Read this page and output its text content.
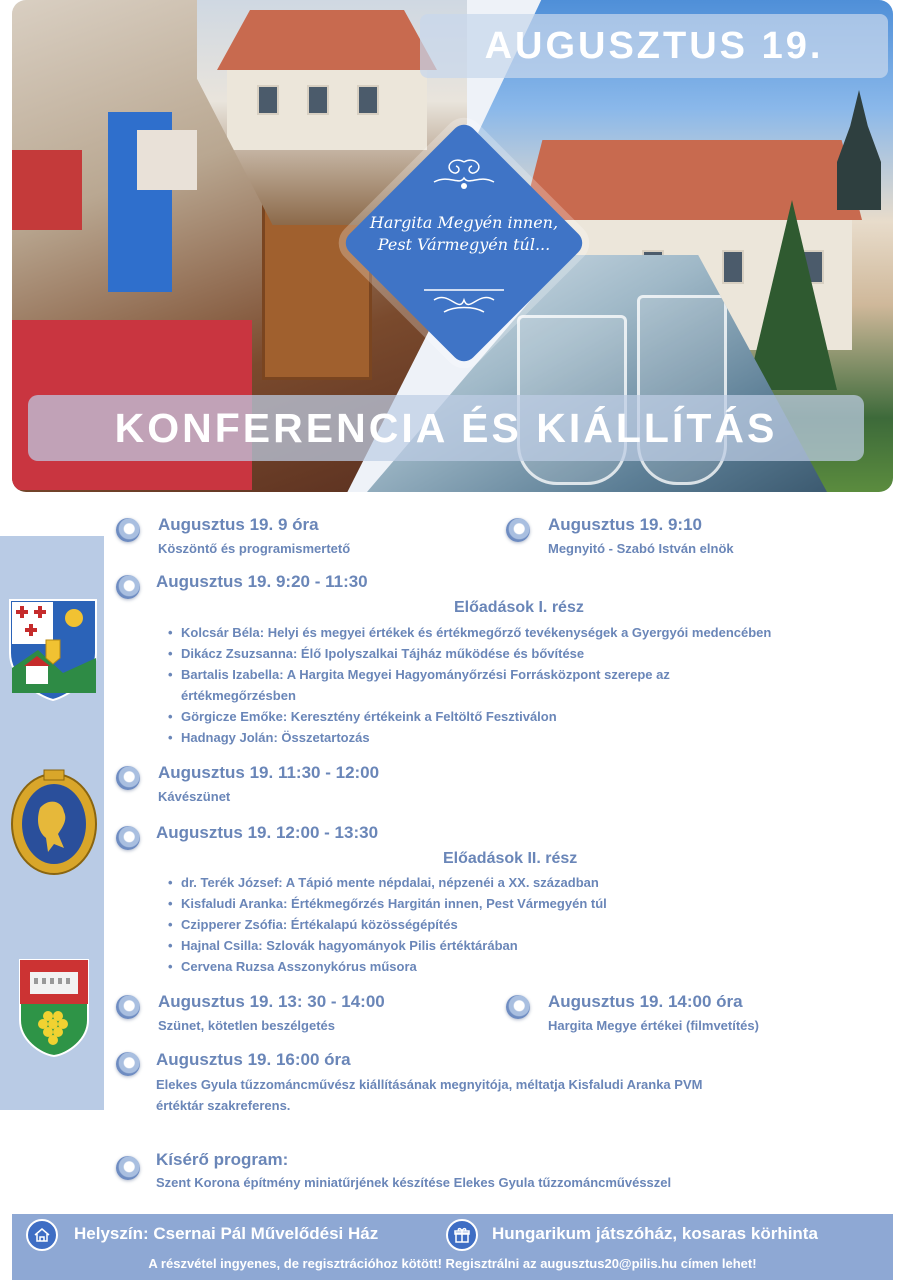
Hargita Megyén innen,
Pest Vármegyén túl...
AUGUSZTUS 19.
KONFERENCIA ÉS KIÁLLÍTÁS
Augusztus 19. 9 óra
Köszöntő és programismertető
Augusztus 19. 9:10
Megnyitó - Szabó István elnök
Augusztus 19. 9:20 - 11:30
Előadások I. rész
• Kolcsár Béla: Helyi és megyei értékek és értékmegőrző tevékenységek a Gyergyói medencében
• Dikácz Zsuzsanna: Élő Ipolyszalkai Tájház működése és bővítése
• Bartalis Izabella: A Hargita Megyei Hagyományőrzési Forrásközpont szerepe az
értékmegőrzésben
• Görgicze Emőke: Keresztény értékeink a Feltöltő Fesztiválon
• Hadnagy Jolán: Összetartozás
Augusztus 19. 11:30 - 12:00
Kávészünet
Augusztus 19. 12:00 - 13:30
Előadások II. rész
• dr. Terék József: A Tápió mente népdalai, népzenéi a XX. században
• Kisfaludi Aranka: Értékmegőrzés Hargitán innen, Pest Vármegyén túl
• Czipperer Zsófia: Értékalapú közösségépítés
• Hajnal Csilla: Szlovák hagyományok Pilis értéktárában
• Cervena Ruzsa Asszonykórus műsora
Augusztus 19. 13: 30 - 14:00
Szünet, kötetlen beszélgetés
Augusztus 19. 14:00 óra
Hargita Megye értékei (filmvetítés)
Augusztus 19. 16:00 óra
Elekes Gyula tűzzománcművész kiállításának megnyitója, méltatja Kisfaludi Aranka PVM
értéktár szakreferens.
Kísérő program:
Szent Korona építmény miniatűrjének készítése Elekes Gyula tűzzománcművésszel
Helyszín: Csernai Pál Művelődési Ház	Hungarikum játszóház, kosaras körhinta
A részvétel ingyenes, de regisztrációhoz kötött! Regisztrálni az augusztus20@pilis.hu címen lehet!
